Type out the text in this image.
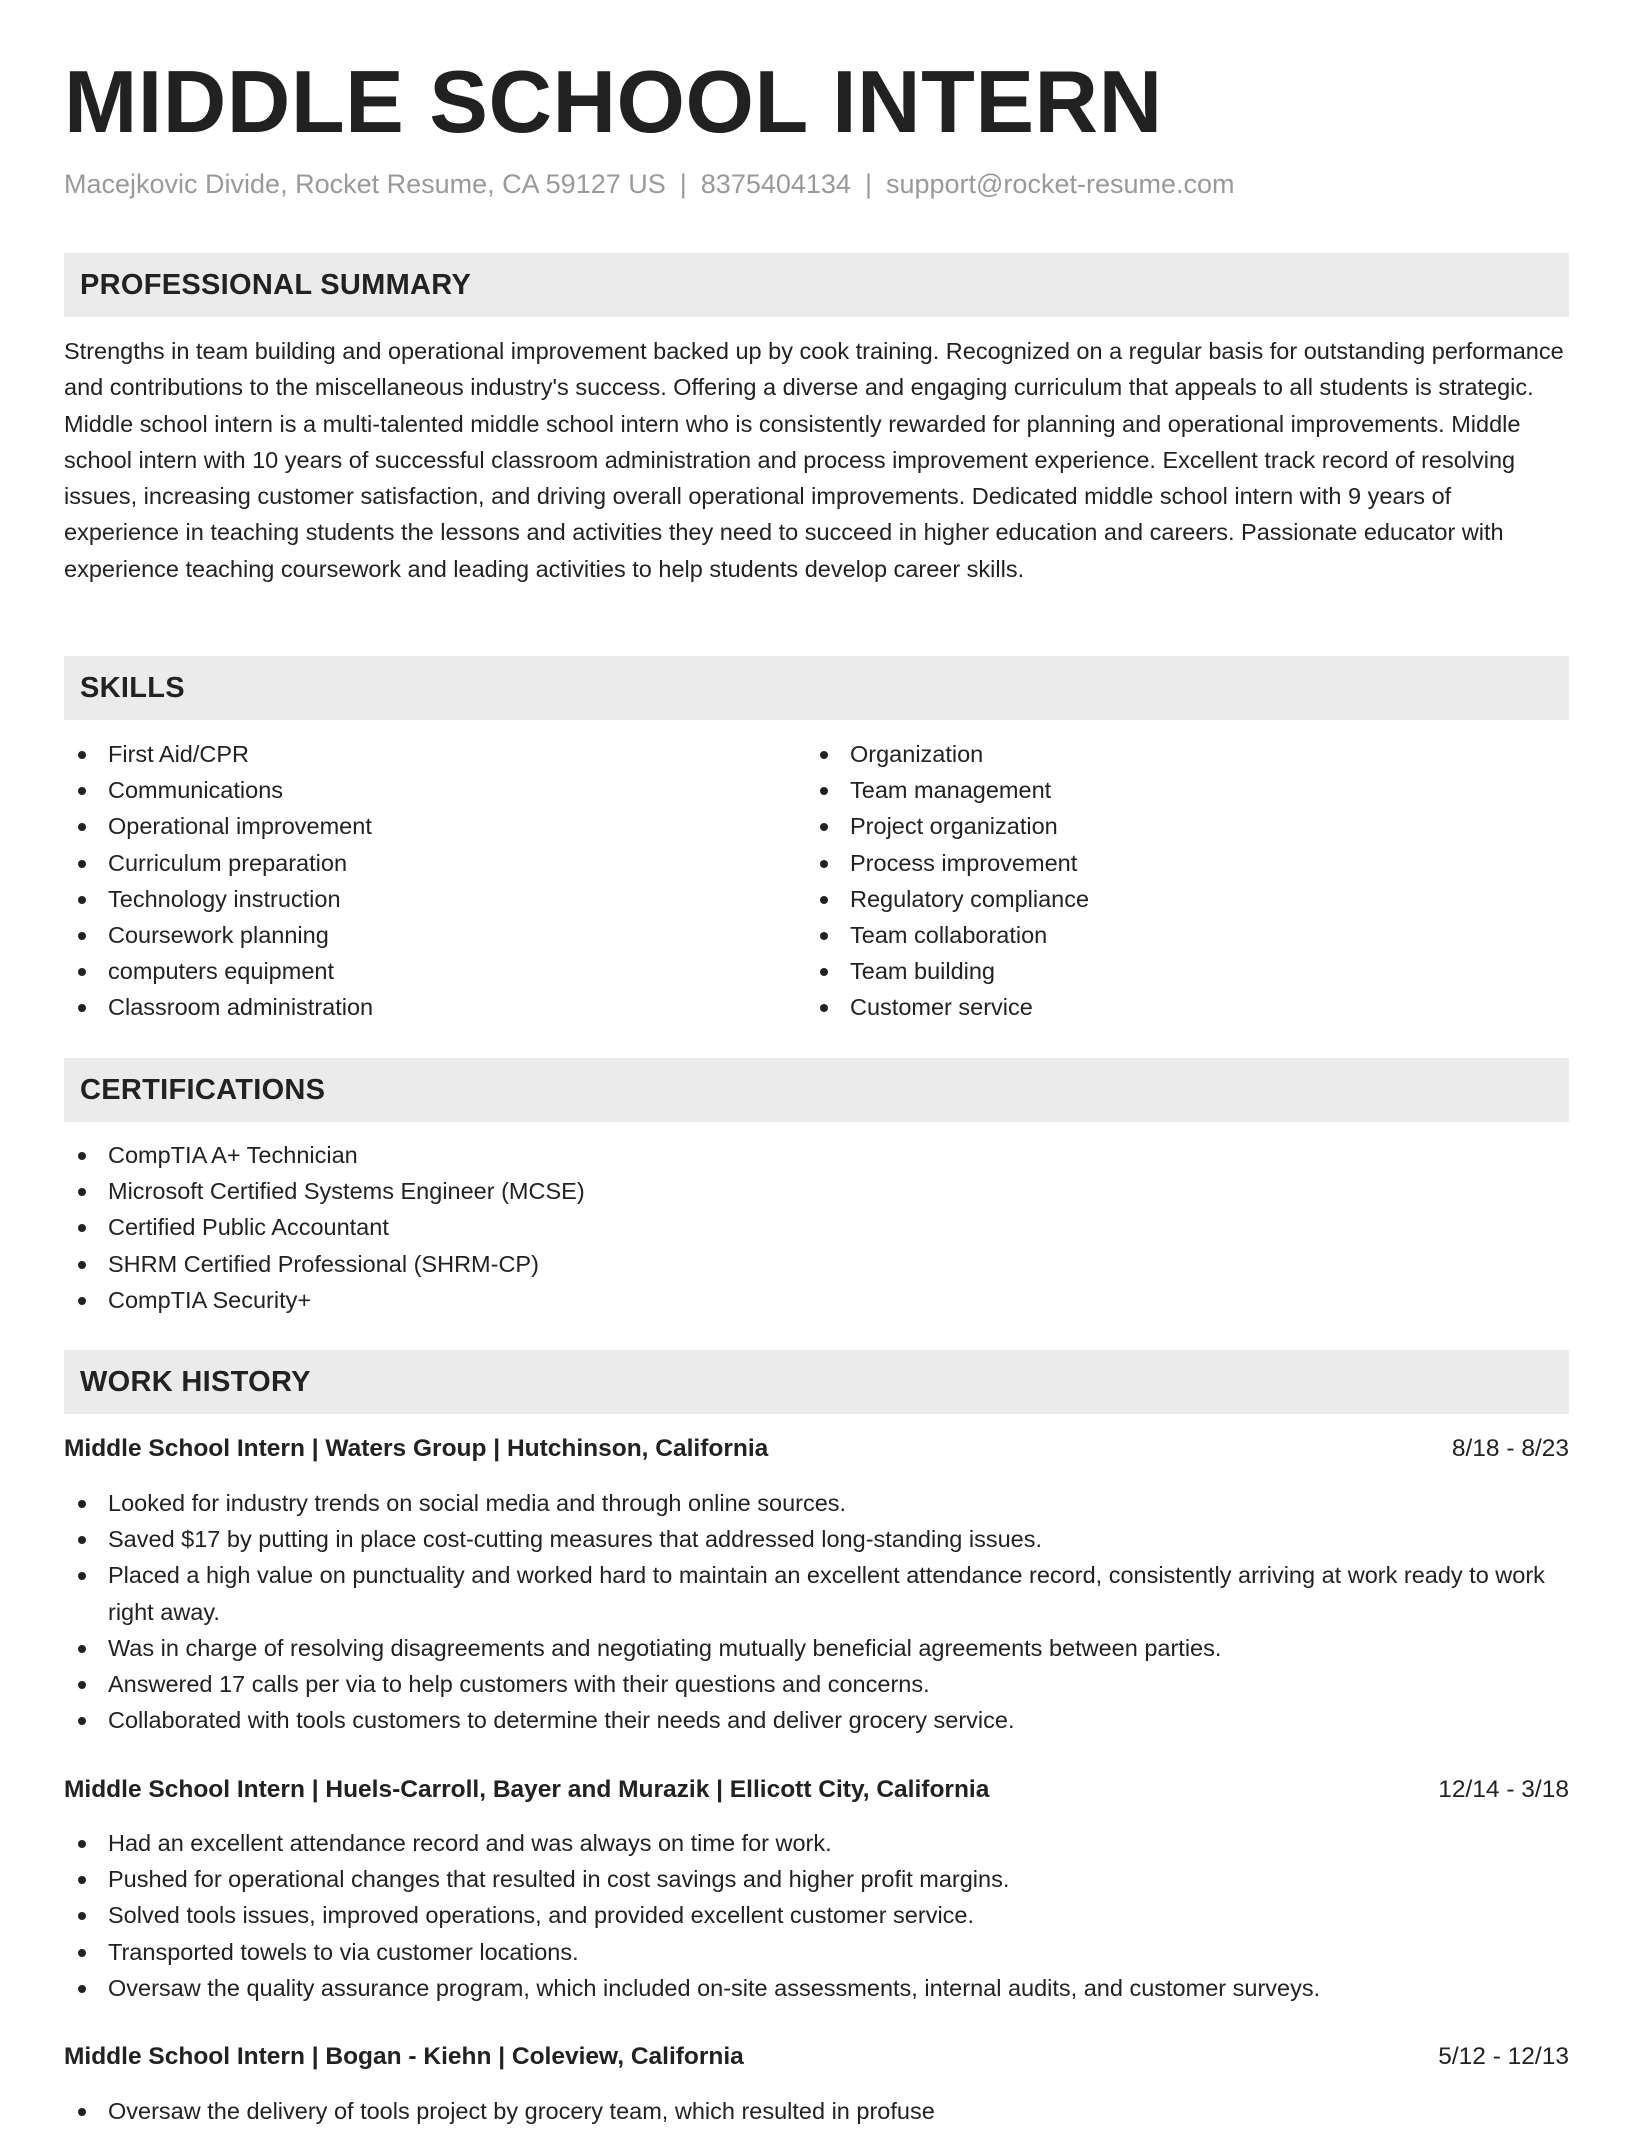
MIDDLE SCHOOL INTERN
Macejkovic Divide, Rocket Resume, CA 59127 US | 8375404134 | support@rocket-resume.com
PROFESSIONAL SUMMARY
Strengths in team building and operational improvement backed up by cook training. Recognized on a regular basis for outstanding performance and contributions to the miscellaneous industry's success. Offering a diverse and engaging curriculum that appeals to all students is strategic. Middle school intern is a multi-talented middle school intern who is consistently rewarded for planning and operational improvements. Middle school intern with 10 years of successful classroom administration and process improvement experience. Excellent track record of resolving issues, increasing customer satisfaction, and driving overall operational improvements. Dedicated middle school intern with 9 years of experience in teaching students the lessons and activities they need to succeed in higher education and careers. Passionate educator with experience teaching coursework and leading activities to help students develop career skills.
SKILLS
First Aid/CPR
Communications
Operational improvement
Curriculum preparation
Technology instruction
Coursework planning
computers equipment
Classroom administration
Organization
Team management
Project organization
Process improvement
Regulatory compliance
Team collaboration
Team building
Customer service
CERTIFICATIONS
CompTIA A+ Technician
Microsoft Certified Systems Engineer (MCSE)
Certified Public Accountant
SHRM Certified Professional (SHRM-CP)
CompTIA Security+
WORK HISTORY
Middle School Intern | Waters Group | Hutchinson, California	8/18 - 8/23
Looked for industry trends on social media and through online sources.
Saved $17 by putting in place cost-cutting measures that addressed long-standing issues.
Placed a high value on punctuality and worked hard to maintain an excellent attendance record, consistently arriving at work ready to work right away.
Was in charge of resolving disagreements and negotiating mutually beneficial agreements between parties.
Answered 17 calls per via to help customers with their questions and concerns.
Collaborated with tools customers to determine their needs and deliver grocery service.
Middle School Intern | Huels-Carroll, Bayer and Murazik | Ellicott City, California	12/14 - 3/18
Had an excellent attendance record and was always on time for work.
Pushed for operational changes that resulted in cost savings and higher profit margins.
Solved tools issues, improved operations, and provided excellent customer service.
Transported towels to via customer locations.
Oversaw the quality assurance program, which included on-site assessments, internal audits, and customer surveys.
Middle School Intern | Bogan - Kiehn | Coleview, California	5/12 - 12/13
Oversaw the delivery of tools project by grocery team, which resulted in profuse
